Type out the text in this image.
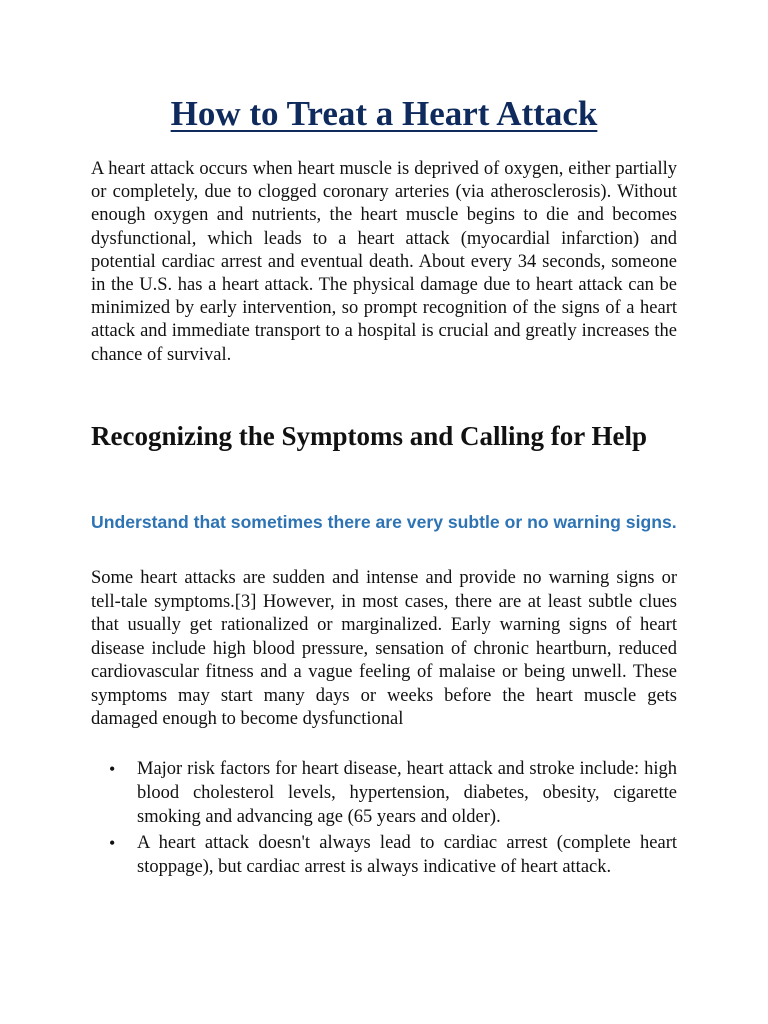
How to Treat a Heart Attack

A heart attack occurs when heart muscle is deprived of oxygen, either partially or completely, due to clogged coronary arteries (via atherosclerosis). Without enough oxygen and nutrients, the heart muscle begins to die and becomes dysfunctional, which leads to a heart attack (myocardial infarction) and potential cardiac arrest and eventual death. About every 34 seconds, someone in the U.S. has a heart attack. The physical damage due to heart attack can be minimized by early intervention, so prompt recognition of the signs of a heart attack and immediate transport to a hospital is crucial and greatly increases the chance of survival.

Recognizing the Symptoms and Calling for Help
Understand that sometimes there are very subtle or no warning signs.

Some heart attacks are sudden and intense and provide no warning signs or tell-tale symptoms.[3] However, in most cases, there are at least subtle clues that usually get rationalized or marginalized. Early warning signs of heart disease include high blood pressure, sensation of chronic heartburn, reduced cardiovascular fitness and a vague feeling of malaise or being unwell. These symptoms may start many days or weeks before the heart muscle gets damaged enough to become dysfunctional

•	Major risk factors for heart disease, heart attack and stroke include: high blood cholesterol levels, hypertension, diabetes, obesity, cigarette smoking and advancing age (65 years and older).
•	A heart attack doesn't always lead to cardiac arrest (complete heart stoppage), but cardiac arrest is always indicative of heart attack.
